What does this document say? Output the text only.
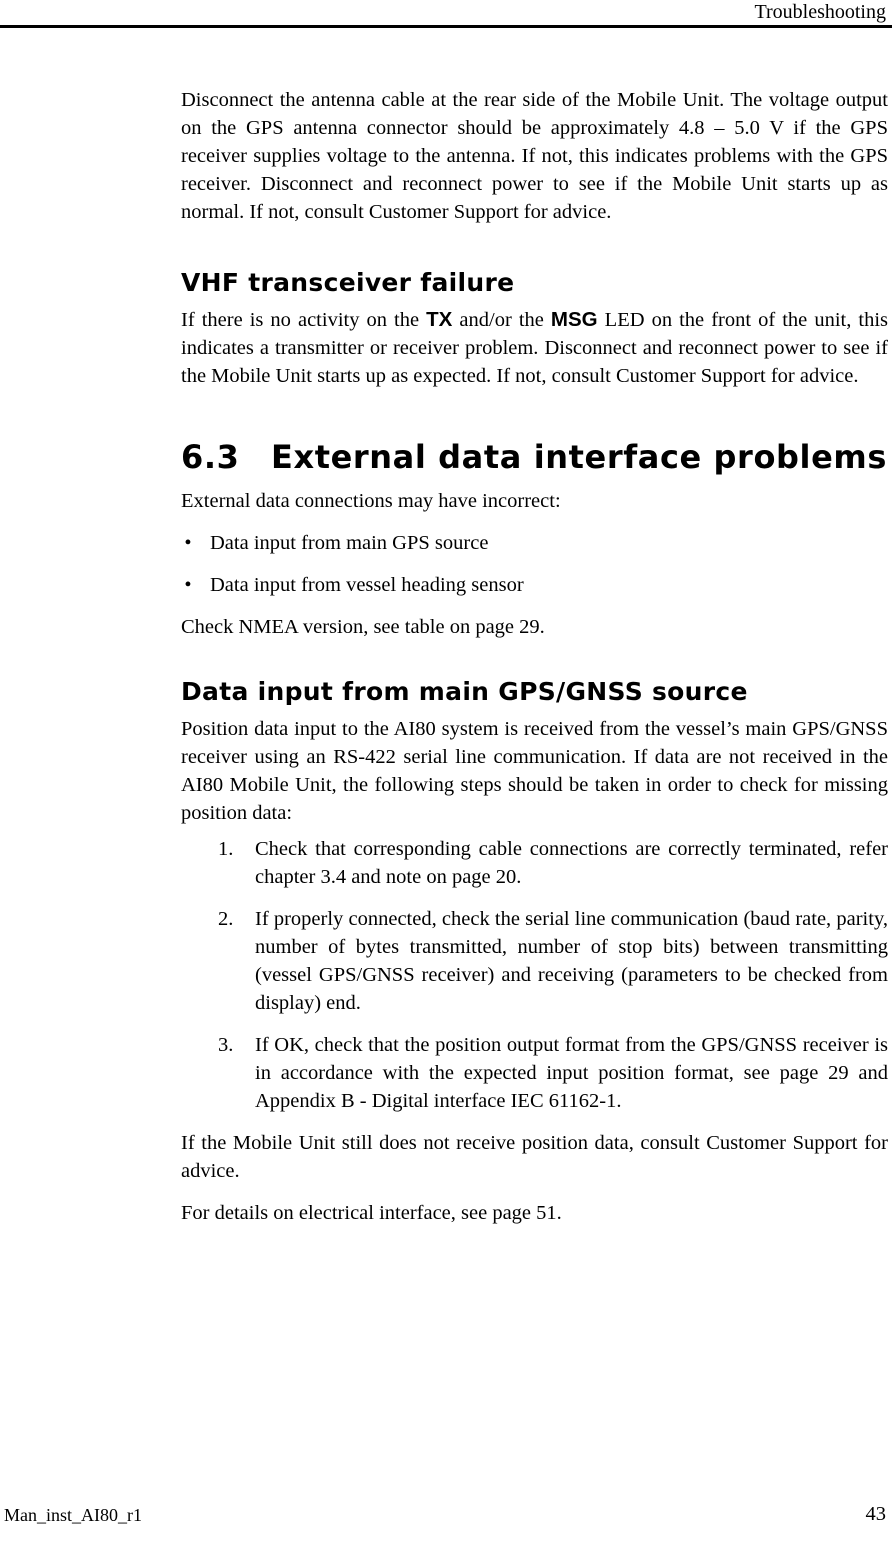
Troubleshooting

Disconnect the antenna cable at the rear side of the Mobile Unit. The voltage output on the GPS antenna connector should be approximately 4.8 – 5.0 V if the GPS receiver supplies voltage to the antenna. If not, this indicates problems with the GPS receiver. Disconnect and reconnect power to see if the Mobile Unit starts up as normal. If not, consult Customer Support for advice.

VHF transceiver failure

If there is no activity on the TX and/or the MSG LED on the front of the unit, this indicates a transmitter or receiver problem. Disconnect and reconnect power to see if the Mobile Unit starts up as expected. If not, consult Customer Support for advice.

6.3 External data interface problems

External data connections may have incorrect:

• Data input from main GPS source
• Data input from vessel heading sensor

Check NMEA version, see table on page 29.

Data input from main GPS/GNSS source

Position data input to the AI80 system is received from the vessel’s main GPS/GNSS receiver using an RS-422 serial line communication. If data are not received in the AI80 Mobile Unit, the following steps should be taken in order to check for missing position data:

1. Check that corresponding cable connections are correctly terminated, refer chapter 3.4 and note on page 20.
2. If properly connected, check the serial line communication (baud rate, parity, number of bytes transmitted, number of stop bits) between transmitting (vessel GPS/GNSS receiver) and receiving (parameters to be checked from display) end.
3. If OK, check that the position output format from the GPS/GNSS receiver is in accordance with the expected input position format, see page 29 and Appendix B - Digital interface IEC 61162-1.

If the Mobile Unit still does not receive position data, consult Customer Support for advice.

For details on electrical interface, see page 51.

Man_inst_AI80_r1	43
